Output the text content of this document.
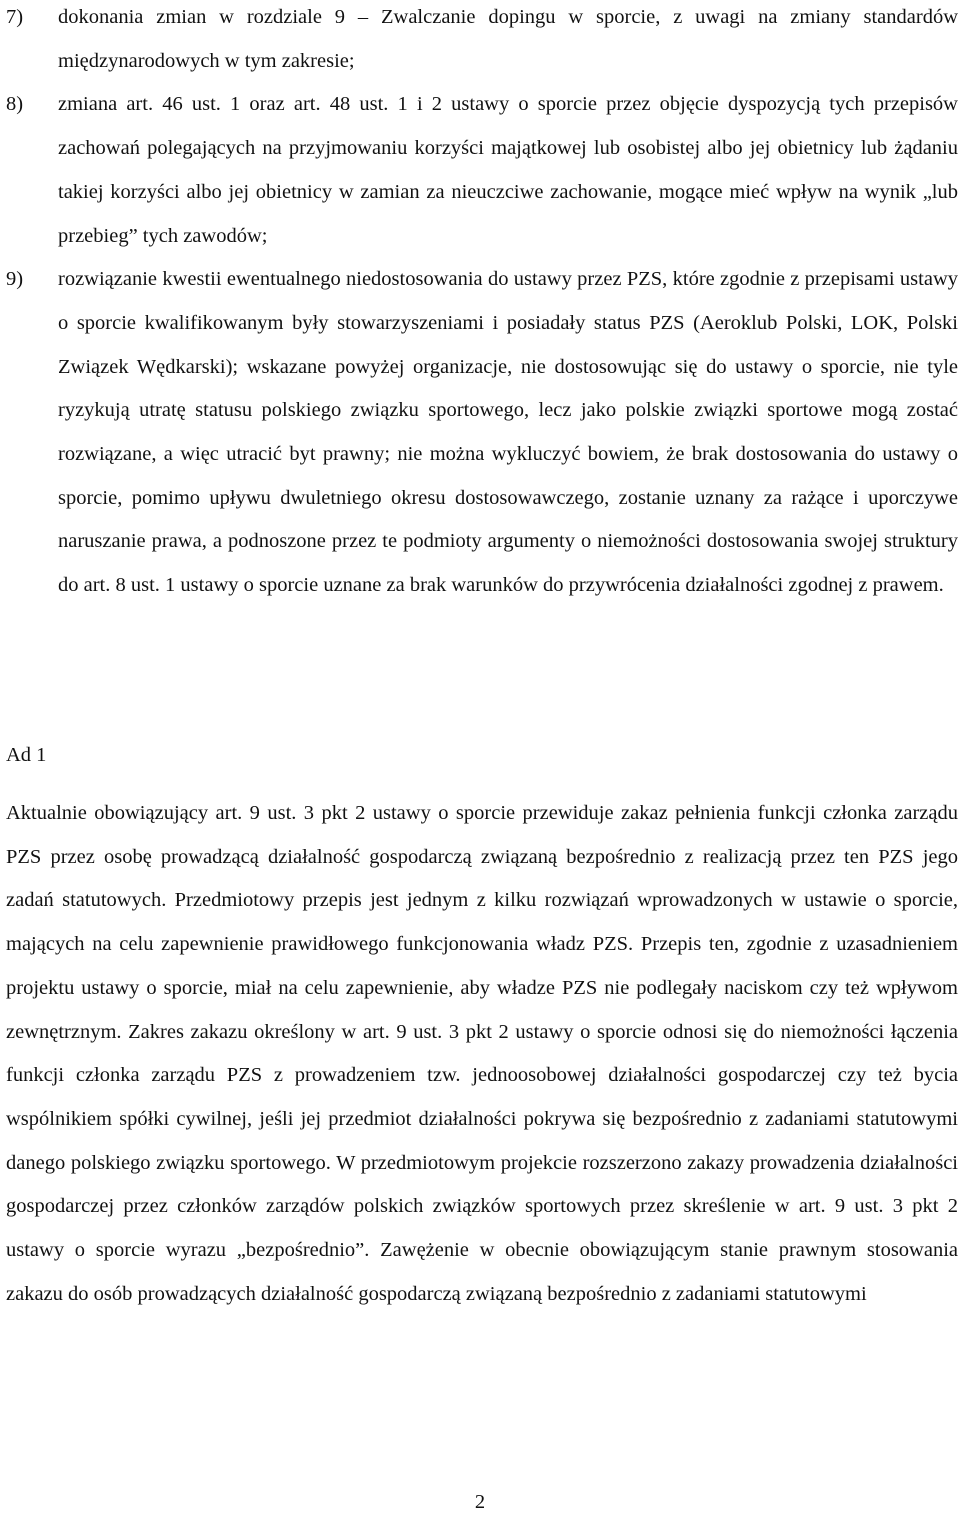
7)	dokonania zmian w rozdziale 9 – Zwalczanie dopingu w sporcie, z uwagi na zmiany standardów międzynarodowych w tym zakresie;
8)	zmiana art. 46 ust. 1 oraz art. 48 ust. 1 i 2 ustawy o sporcie przez objęcie dyspozycją tych przepisów zachowań polegających na przyjmowaniu korzyści majątkowej lub osobistej albo jej obietnicy lub żądaniu takiej korzyści albo jej obietnicy w zamian za nieuczciwe zachowanie, mogące mieć wpływ na wynik „lub przebieg” tych zawodów;
9)	rozwiązanie kwestii ewentualnego niedostosowania do ustawy przez PZS, które zgodnie z przepisami ustawy o sporcie kwalifikowanym były stowarzyszeniami i posiadały status PZS (Aeroklub Polski, LOK, Polski Związek Wędkarski); wskazane powyżej organizacje, nie dostosowując się do ustawy o sporcie, nie tyle ryzykują utratę statusu polskiego związku sportowego, lecz jako polskie związki sportowe mogą zostać rozwiązane, a więc utracić byt prawny; nie można wykluczyć bowiem, że brak dostosowania do ustawy o sporcie, pomimo upływu dwuletniego okresu dostosowawczego, zostanie uznany za rażące i uporczywe naruszanie prawa, a podnoszone przez te podmioty argumenty o niemożności dostosowania swojej struktury do art. 8 ust. 1 ustawy o sporcie uznane za brak warunków do przywrócenia działalności zgodnej z prawem.
Ad 1

Aktualnie obowiązujący art. 9 ust. 3 pkt 2 ustawy o sporcie przewiduje zakaz pełnienia funkcji członka zarządu PZS przez osobę prowadzącą działalność gospodarczą związaną bezpośrednio z realizacją przez ten PZS jego zadań statutowych. Przedmiotowy przepis jest jednym z kilku rozwiązań wprowadzonych w ustawie o sporcie, mających na celu zapewnienie prawidłowego funkcjonowania władz PZS. Przepis ten, zgodnie z uzasadnieniem projektu ustawy o sporcie, miał na celu zapewnienie, aby władze PZS nie podlegały naciskom czy też wpływom zewnętrznym. Zakres zakazu określony w art. 9 ust. 3 pkt 2 ustawy o sporcie odnosi się do niemożności łączenia funkcji członka zarządu PZS z prowadzeniem tzw. jednoosobowej działalności gospodarczej czy też bycia wspólnikiem spółki cywilnej, jeśli jej przedmiot działalności pokrywa się bezpośrednio z zadaniami statutowymi danego polskiego związku sportowego. W przedmiotowym projekcie rozszerzono zakazy prowadzenia działalności gospodarczej przez członków zarządów polskich związków sportowych przez skreślenie w art. 9 ust. 3 pkt 2 ustawy o sporcie wyrazu „bezpośrednio”. Zawężenie w obecnie obowiązującym stanie prawnym stosowania zakazu do osób prowadzących działalność gospodarczą związaną bezpośrednio z zadaniami statutowymi

2
